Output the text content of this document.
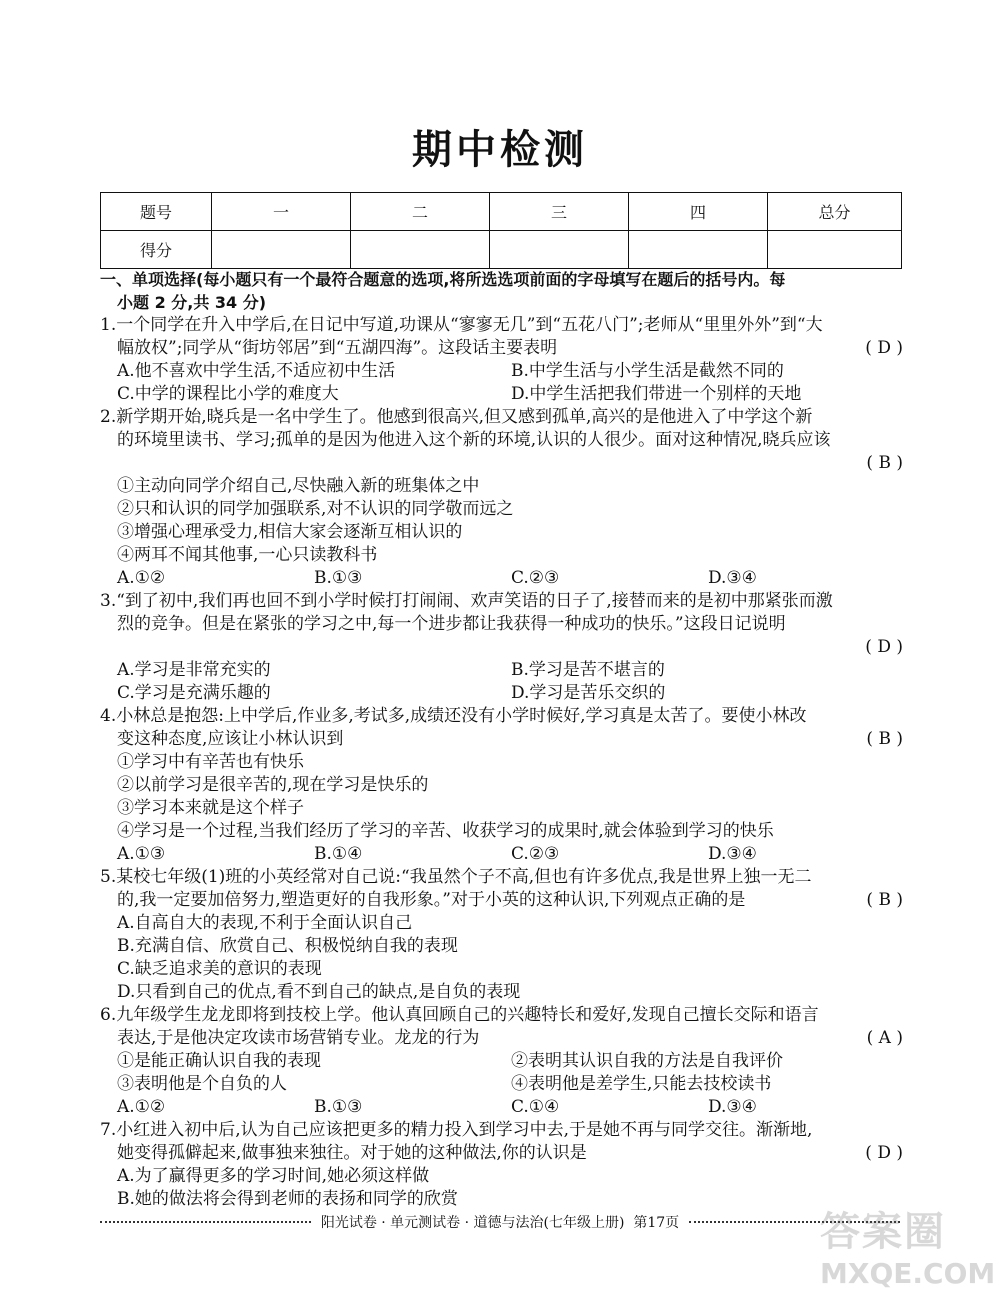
期中检测
题号	一	二	三	四	总分
得分					
一、单项选择(每小题只有一个最符合题意的选项,将所选选项前面的字母填写在题后的括号内。每
小题 2 分,共 34 分)
1.一个同学在升入中学后,在日记中写道,功课从“寥寥无几”到“五花八门”;老师从“里里外外”到“大
幅放权”;同学从“街坊邻居”到“五湖四海”。这段话主要表明	( D )
A.他不喜欢中学生活,不适应初中生活	B.中学生活与小学生活是截然不同的
C.中学的课程比小学的难度大	D.中学生活把我们带进一个别样的天地
2.新学期开始,晓兵是一名中学生了。他感到很高兴,但又感到孤单,高兴的是他进入了中学这个新
的环境里读书、学习;孤单的是因为他进入这个新的环境,认识的人很少。面对这种情况,晓兵应该
( B )
①主动向同学介绍自己,尽快融入新的班集体之中
②只和认识的同学加强联系,对不认识的同学敬而远之
③增强心理承受力,相信大家会逐渐互相认识的
④两耳不闻其他事,一心只读教科书
A.①②	B.①③	C.②③	D.③④
3.“到了初中,我们再也回不到小学时候打打闹闹、欢声笑语的日子了,接替而来的是初中那紧张而激
烈的竞争。但是在紧张的学习之中,每一个进步都让我获得一种成功的快乐。”这段日记说明
( D )
A.学习是非常充实的	B.学习是苦不堪言的
C.学习是充满乐趣的	D.学习是苦乐交织的
4.小林总是抱怨:上中学后,作业多,考试多,成绩还没有小学时候好,学习真是太苦了。要使小林改
变这种态度,应该让小林认识到	( B )
①学习中有辛苦也有快乐
②以前学习是很辛苦的,现在学习是快乐的
③学习本来就是这个样子
④学习是一个过程,当我们经历了学习的辛苦、收获学习的成果时,就会体验到学习的快乐
A.①③	B.①④	C.②③	D.③④
5.某校七年级(1)班的小英经常对自己说:“我虽然个子不高,但也有许多优点,我是世界上独一无二
的,我一定要加倍努力,塑造更好的自我形象。”对于小英的这种认识,下列观点正确的是	( B )
A.自高自大的表现,不利于全面认识自己
B.充满自信、欣赏自己、积极悦纳自我的表现
C.缺乏追求美的意识的表现
D.只看到自己的优点,看不到自己的缺点,是自负的表现
6.九年级学生龙龙即将到技校上学。他认真回顾自己的兴趣特长和爱好,发现自己擅长交际和语言
表达,于是他决定攻读市场营销专业。龙龙的行为	( A )
①是能正确认识自我的表现	②表明其认识自我的方法是自我评价
③表明他是个自负的人	④表明他是差学生,只能去技校读书
A.①②	B.①③	C.①④	D.③④
7.小红进入初中后,认为自己应该把更多的精力投入到学习中去,于是她不再与同学交往。渐渐地,
她变得孤僻起来,做事独来独往。对于她的这种做法,你的认识是	( D )
A.为了赢得更多的学习时间,她必须这样做
B.她的做法将会得到老师的表扬和同学的欣赏
阳光试卷 · 单元测试卷 · 道德与法治(七年级上册) 第17页	答案圈
MXQE.COM
